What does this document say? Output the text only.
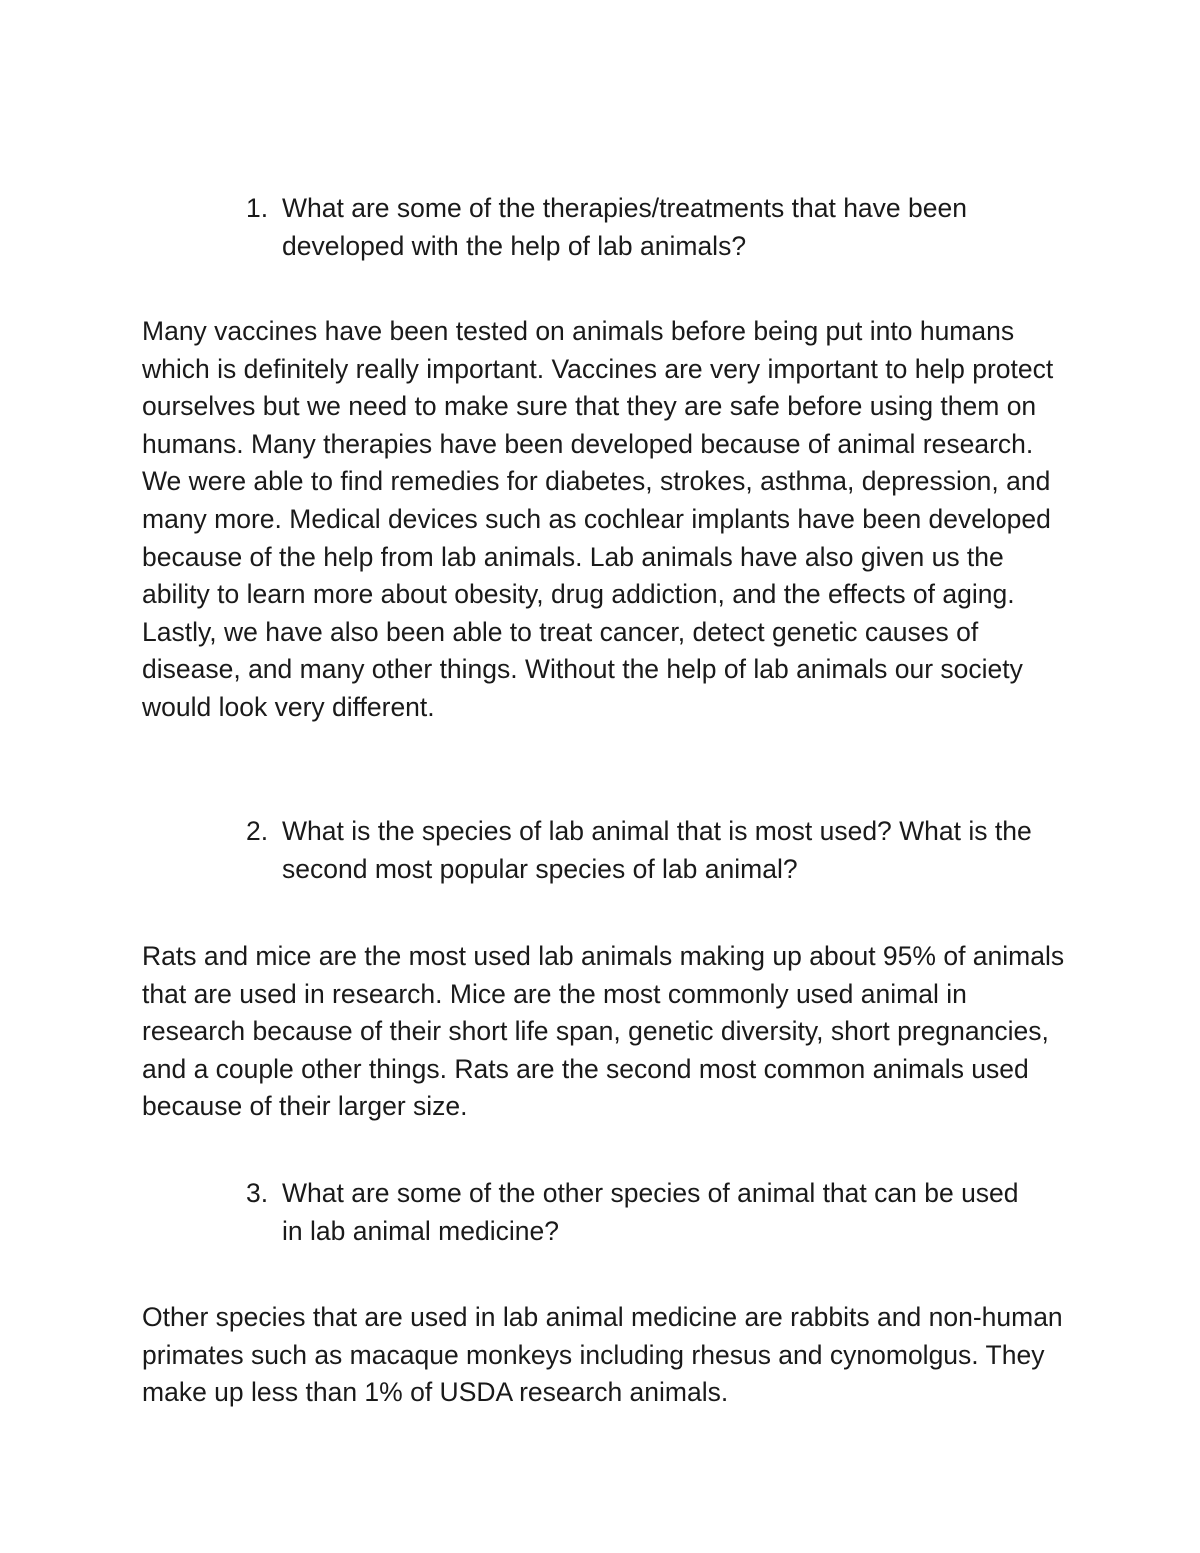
1. What are some of the therapies/treatments that have been developed with the help of lab animals?

Many vaccines have been tested on animals before being put into humans which is definitely really important. Vaccines are very important to help protect ourselves but we need to make sure that they are safe before using them on humans. Many therapies have been developed because of animal research. We were able to find remedies for diabetes, strokes, asthma, depression, and many more. Medical devices such as cochlear implants have been developed because of the help from lab animals. Lab animals have also given us the ability to learn more about obesity, drug addiction, and the effects of aging. Lastly, we have also been able to treat cancer, detect genetic causes of disease, and many other things. Without the help of lab animals our society would look very different.

2. What is the species of lab animal that is most used? What is the second most popular species of lab animal?

Rats and mice are the most used lab animals making up about 95% of animals that are used in research. Mice are the most commonly used animal in research because of their short life span, genetic diversity, short pregnancies, and a couple other things. Rats are the second most common animals used because of their larger size.

3. What are some of the other species of animal that can be used in lab animal medicine?

Other species that are used in lab animal medicine are rabbits and non-human primates such as macaque monkeys including rhesus and cynomolgus. They make up less than 1% of USDA research animals.
